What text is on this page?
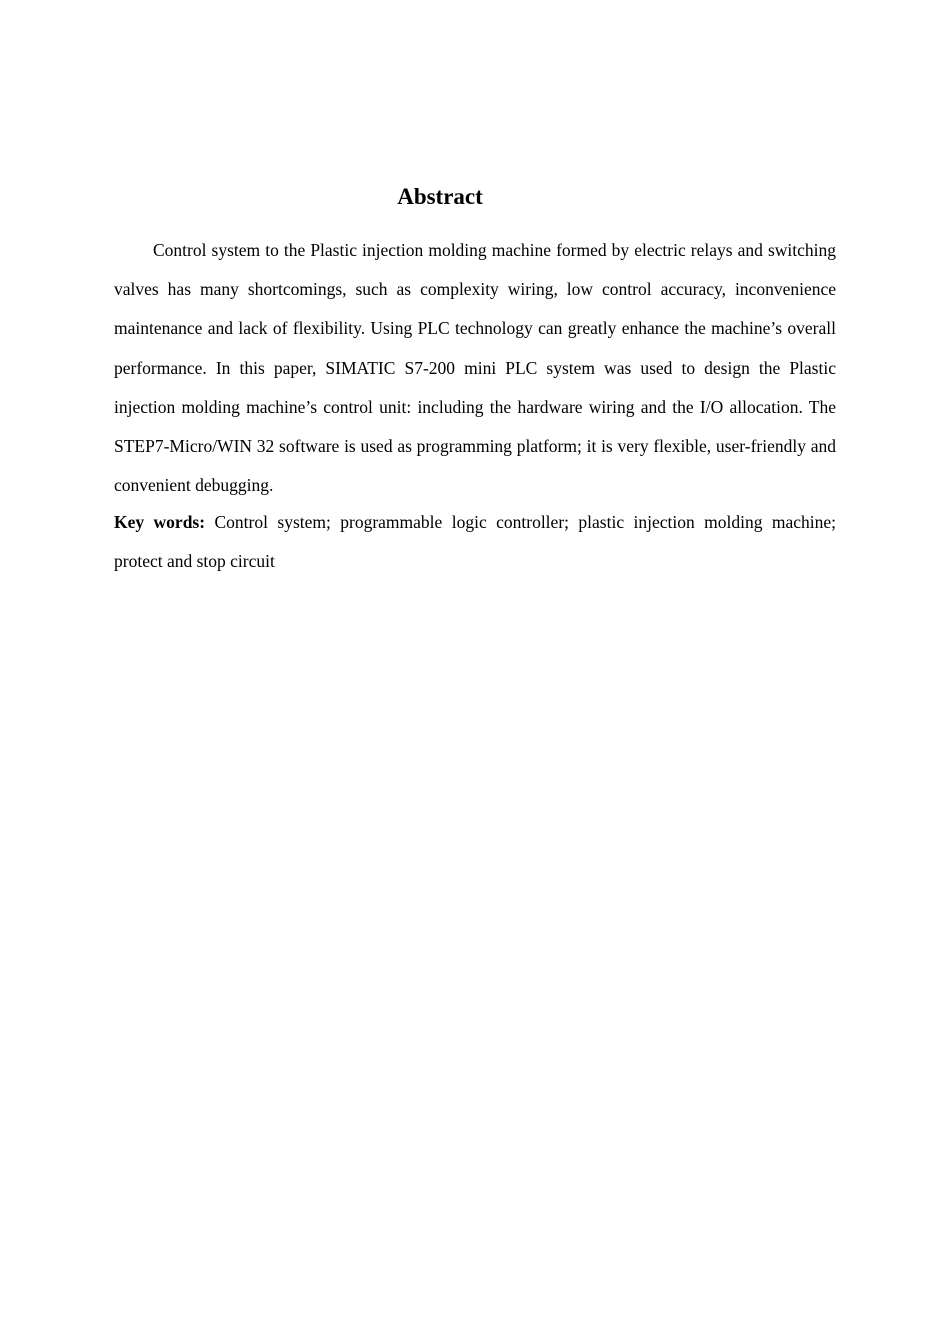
Abstract

Control system to the Plastic injection molding machine formed by electric relays and switching valves has many shortcomings, such as complexity wiring, low control accuracy, inconvenience maintenance and lack of flexibility. Using PLC technology can greatly enhance the machine’s overall performance. In this paper, SIMATIC S7-200 mini PLC system was used to design the Plastic injection molding machine’s control unit: including the hardware wiring and the I/O allocation. The STEP7-Micro/WIN 32 software is used as programming platform; it is very flexible, user-friendly and convenient debugging.

Key words: Control system; programmable logic controller; plastic injection molding machine; protect and stop circuit
